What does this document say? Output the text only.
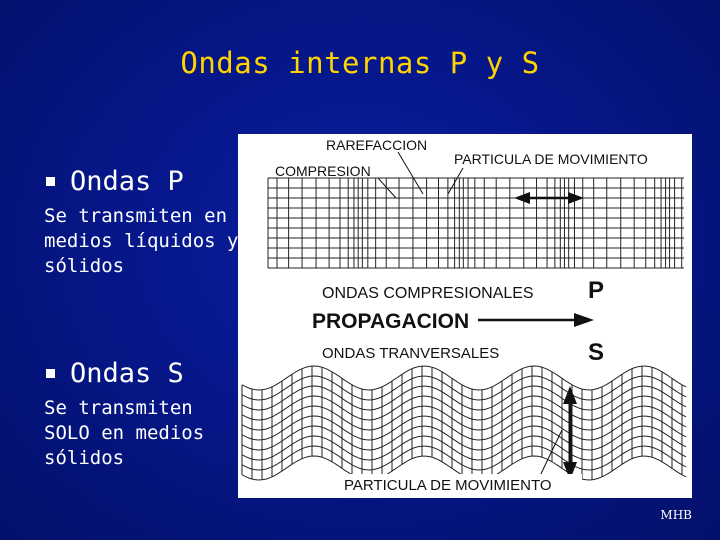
Ondas internas P y S
Ondas P
Se transmiten en
medios líquidos y
sólidos
Ondas S
Se transmiten
SOLO en medios
sólidos
RAREFACCION
COMPRESION
PARTICULA DE MOVIMIENTO
ONDAS COMPRESIONALES P
PROPAGACION
ONDAS TRANVERSALES	S
PARTICULA DE MOVIMIENTO
MHB
